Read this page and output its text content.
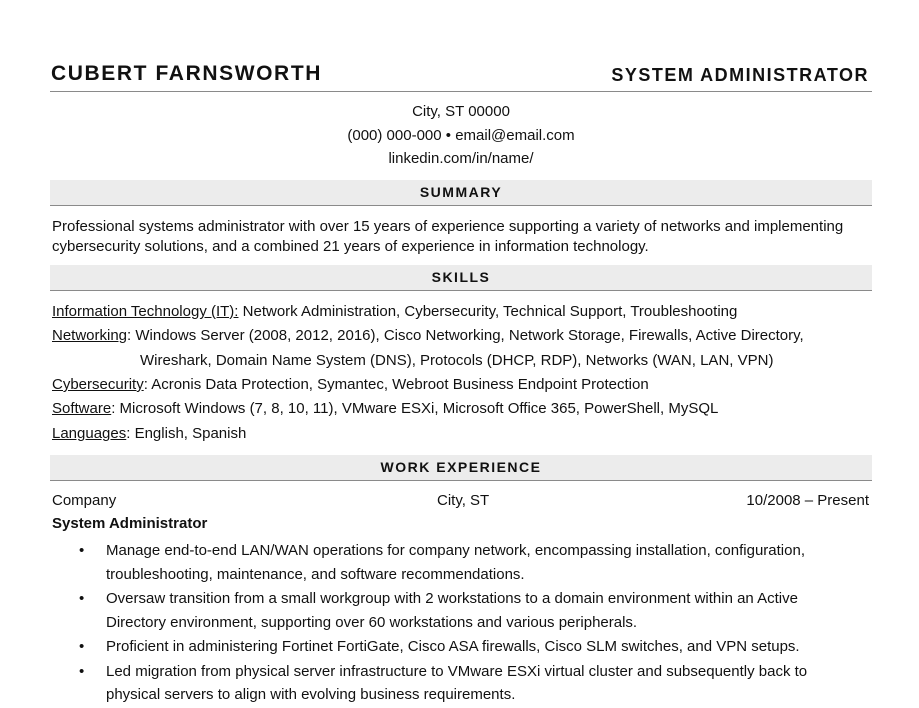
CUBERT FARNSWORTH	SYSTEM ADMINISTRATOR
City, ST 00000
(000) 000-000 • email@email.com
linkedin.com/in/name/
SUMMARY
Professional systems administrator with over 15 years of experience supporting a variety of networks and implementing cybersecurity solutions, and a combined 21 years of experience in information technology.
SKILLS
Information Technology (IT): Network Administration, Cybersecurity, Technical Support, Troubleshooting
Networking: Windows Server (2008, 2012, 2016), Cisco Networking, Network Storage, Firewalls, Active Directory,
Wireshark, Domain Name System (DNS), Protocols (DHCP, RDP), Networks (WAN, LAN, VPN)
Cybersecurity: Acronis Data Protection, Symantec, Webroot Business Endpoint Protection
Software: Microsoft Windows (7, 8, 10, 11), VMware ESXi, Microsoft Office 365, PowerShell, MySQL
Languages: English, Spanish
WORK EXPERIENCE
Company	City, ST	10/2008 – Present
System Administrator
• Manage end-to-end LAN/WAN operations for company network, encompassing installation, configuration, troubleshooting, maintenance, and software recommendations.
• Oversaw transition from a small workgroup with 2 workstations to a domain environment within an Active Directory environment, supporting over 60 workstations and various peripherals.
• Proficient in administering Fortinet FortiGate, Cisco ASA firewalls, Cisco SLM switches, and VPN setups.
• Led migration from physical server infrastructure to VMware ESXi virtual cluster and subsequently back to physical servers to align with evolving business requirements.
